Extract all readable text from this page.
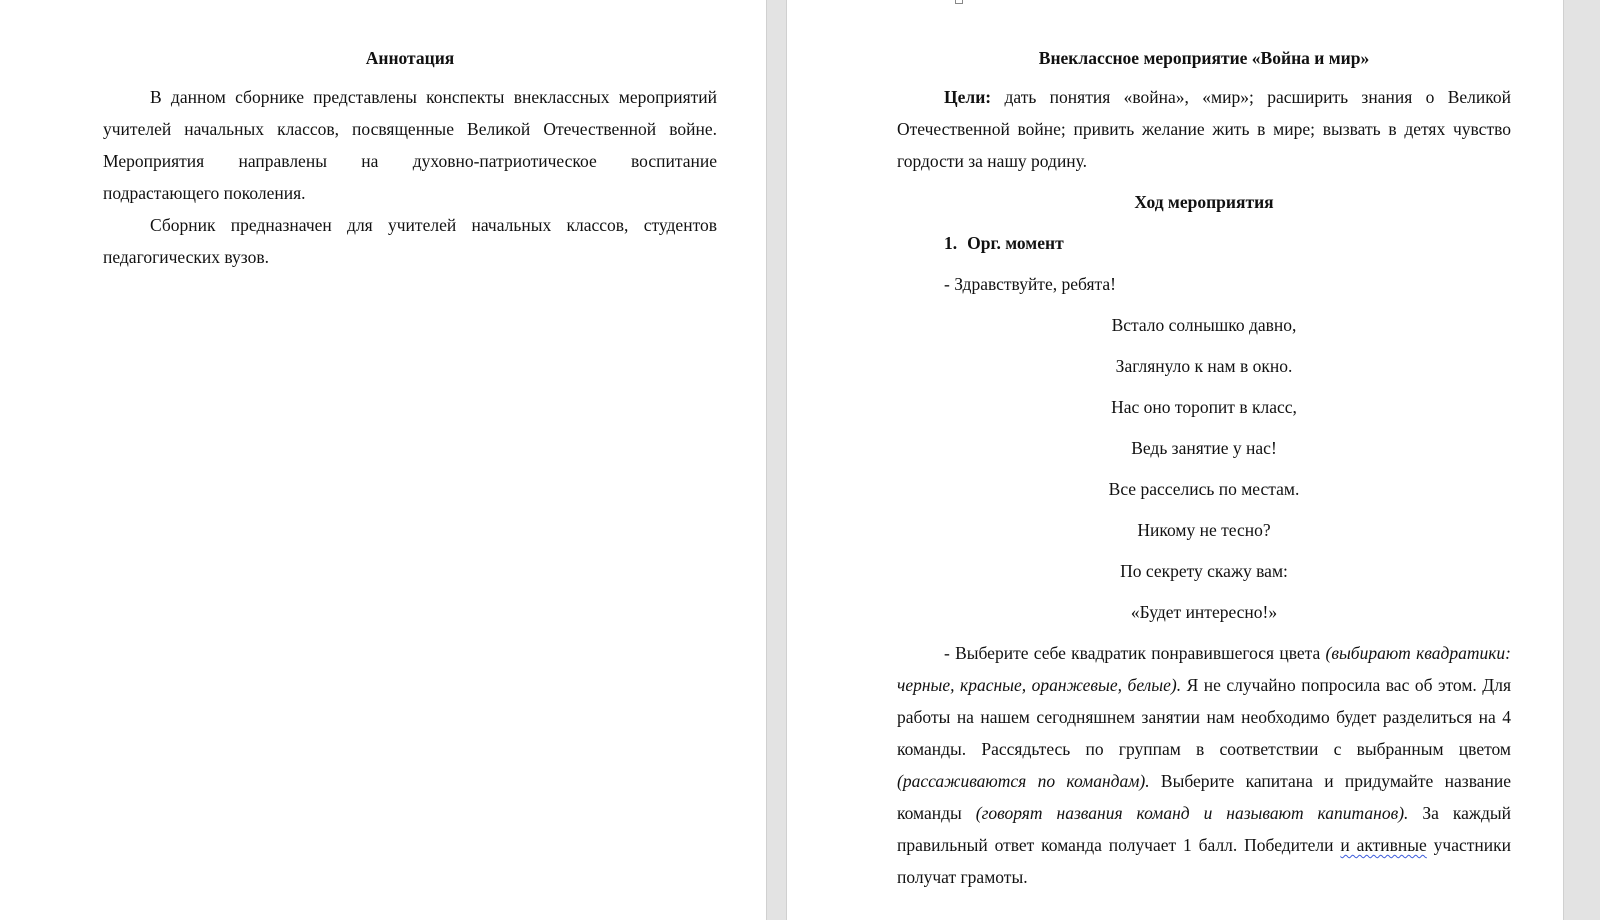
Аннотация

В данном сборнике представлены конспекты внеклассных мероприятий учителей начальных классов, посвященные Великой Отечественной войне. Мероприятия направлены на духовно-патриотическое воспитание подрастающего поколения.

Сборник предназначен для учителей начальных классов, студентов педагогических вузов.

Внеклассное мероприятие «Война и мир»

Цели: дать понятия «война», «мир»; расширить знания о Великой Отечественной войне; привить желание жить в мире; вызвать в детях чувство гордости за нашу родину.

Ход мероприятия

1. Орг. момент

- Здравствуйте, ребята!

Встало солнышко давно,

Заглянуло к нам в окно.

Нас оно торопит в класс,

Ведь занятие у нас!

Все расселись по местам.

Никому не тесно?

По секрету скажу вам:

«Будет интересно!»

- Выберите себе квадратик понравившегося цвета (выбирают квадратики: черные, красные, оранжевые, белые). Я не случайно попросила вас об этом. Для работы на нашем сегодняшнем занятии нам необходимо будет разделиться на 4 команды. Рассядьтесь по группам в соответствии с выбранным цветом (рассаживаются по командам). Выберите капитана и придумайте название команды (говорят названия команд и называют капитанов). За каждый правильный ответ команда получает 1 балл. Победители и активные участники получат грамоты.
